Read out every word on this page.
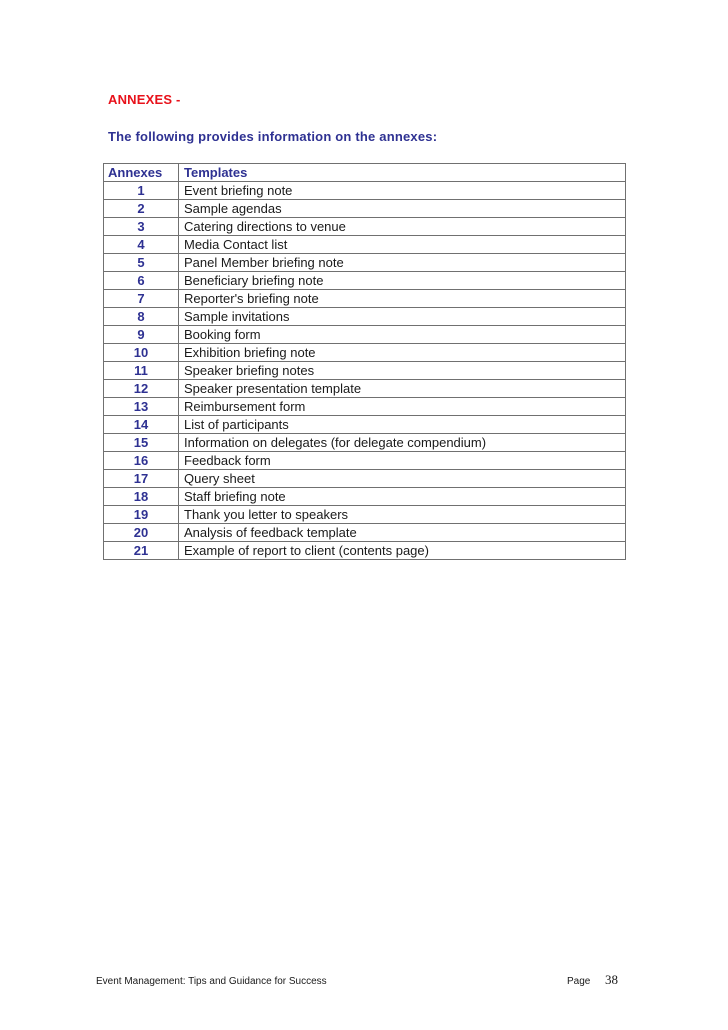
ANNEXES -
The following provides information on the annexes:
Annexes	Templates
1	Event briefing note
2	Sample agendas
3	Catering directions to venue
4	Media Contact list
5	Panel Member briefing note
6	Beneficiary briefing note
7	Reporter's briefing note
8	Sample invitations
9	Booking form
10	Exhibition briefing note
11	Speaker briefing notes
12	Speaker presentation template
13	Reimbursement form
14	List of participants
15	Information on delegates (for delegate compendium)
16	Feedback form
17	Query sheet
18	Staff briefing note
19	Thank you letter to speakers
20	Analysis of feedback template
21	Example of report to client (contents page)
Event Management: Tips and Guidance for Success	Page 38
